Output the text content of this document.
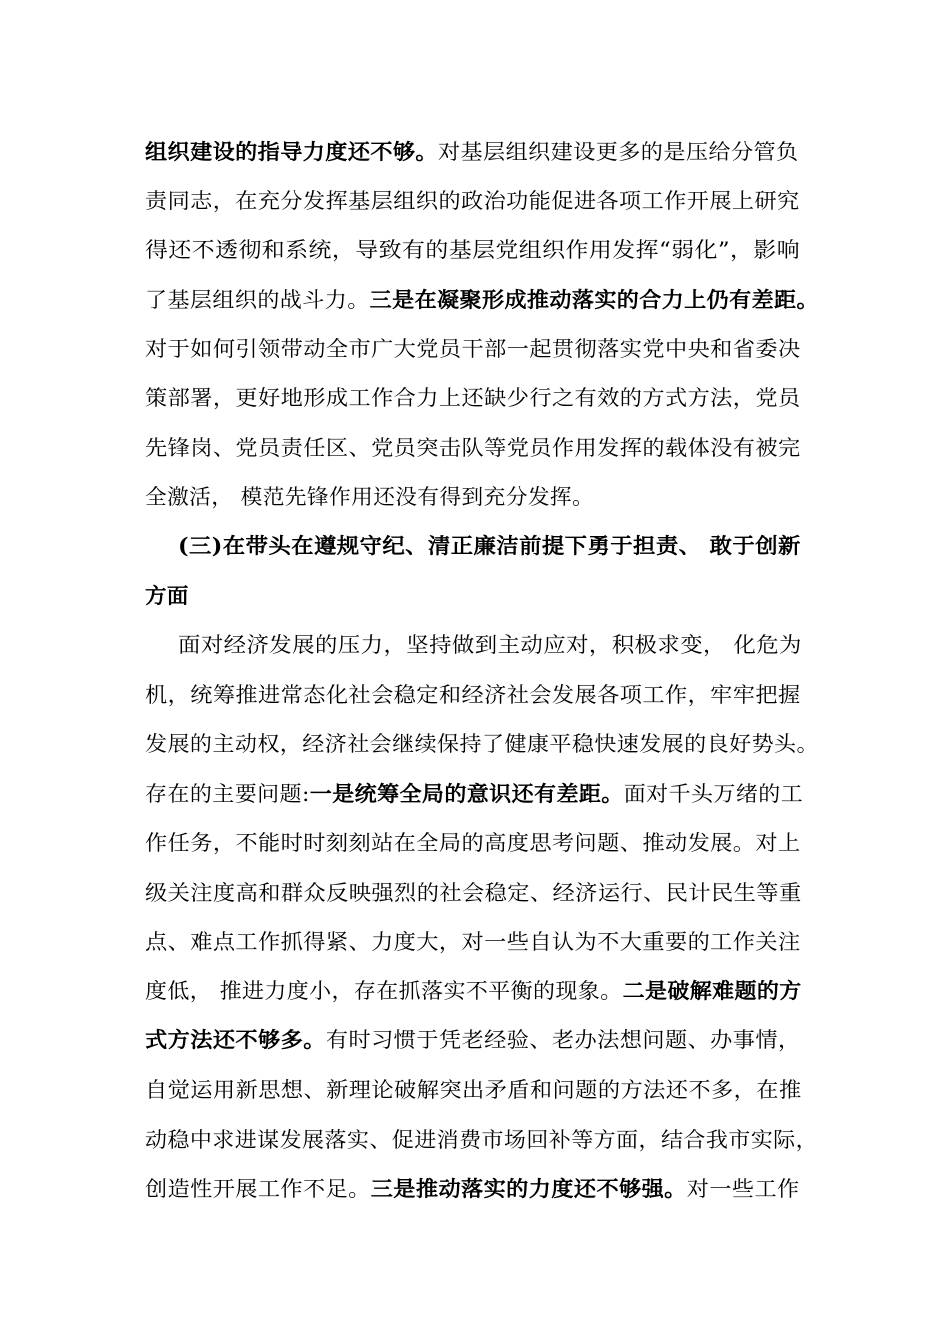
组织建设的指导力度还不够。对基层组织建设更多的是压给分管负
责同志，在充分发挥基层组织的政治功能促进各项工作开展上研究
得还不透彻和系统，导致有的基层党组织作用发挥“弱化”，影响
了基层组织的战斗力。三是在凝聚形成推动落实的合力上仍有差距。
对于如何引领带动全市广大党员干部一起贯彻落实党中央和省委决
策部署，更好地形成工作合力上还缺少行之有效的方式方法，党员
先锋岗、党员责任区、党员突击队等党员作用发挥的载体没有被完
全激活， 模范先锋作用还没有得到充分发挥。
(三)在带头在遵规守纪、清正廉洁前提下勇于担责、 敢于创新
方面
面对经济发展的压力，坚持做到主动应对，积极求变， 化危为
机，统筹推进常态化社会稳定和经济社会发展各项工作，牢牢把握
发展的主动权，经济社会继续保持了健康平稳快速发展的良好势头。
存在的主要问题:一是统筹全局的意识还有差距。面对千头万绪的工
作任务，不能时时刻刻站在全局的高度思考问题、推动发展。对上
级关注度高和群众反映强烈的社会稳定、经济运行、民计民生等重
点、难点工作抓得紧、力度大，对一些自认为不大重要的工作关注
度低， 推进力度小，存在抓落实不平衡的现象。二是破解难题的方
式方法还不够多。有时习惯于凭老经验、老办法想问题、办事情，
自觉运用新思想、新理论破解突出矛盾和问题的方法还不多，在推
动稳中求进谋发展落实、促进消费市场回补等方面，结合我市实际，
创造性开展工作不足。三是推动落实的力度还不够强。对一些工作
